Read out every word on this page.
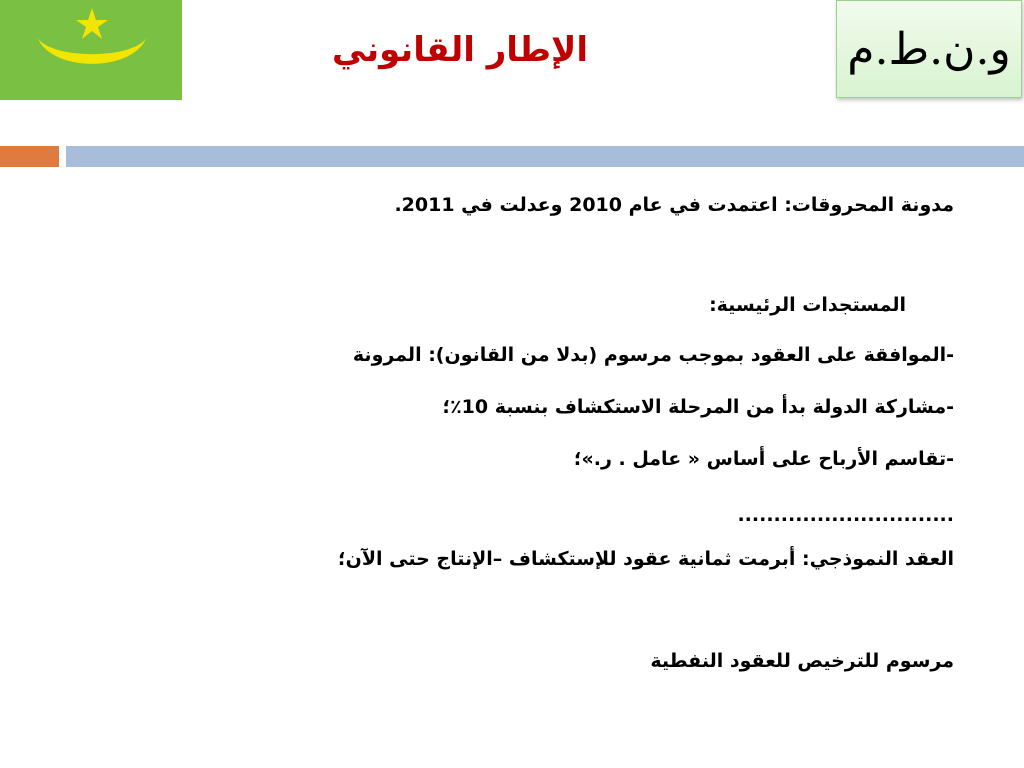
الإطار القانوني	و.ن.ط.م
مدونة المحروقات: اعتمدت في عام 2010 وعدلت في 2011.
المستجدات الرئيسية:
-الموافقة على العقود بموجب مرسوم (بدلا من القانون): المرونة
-مشاركة الدولة بدأ من المرحلة الاستكشاف بنسبة 10٪؛
-تقاسم الأرباح على أساس « عامل . ر.»؛
..............................
العقد النموذجي: أبرمت ثمانية عقود للإستكشاف –الإنتاج حتى الآن؛
مرسوم للترخيص للعقود النفطية
